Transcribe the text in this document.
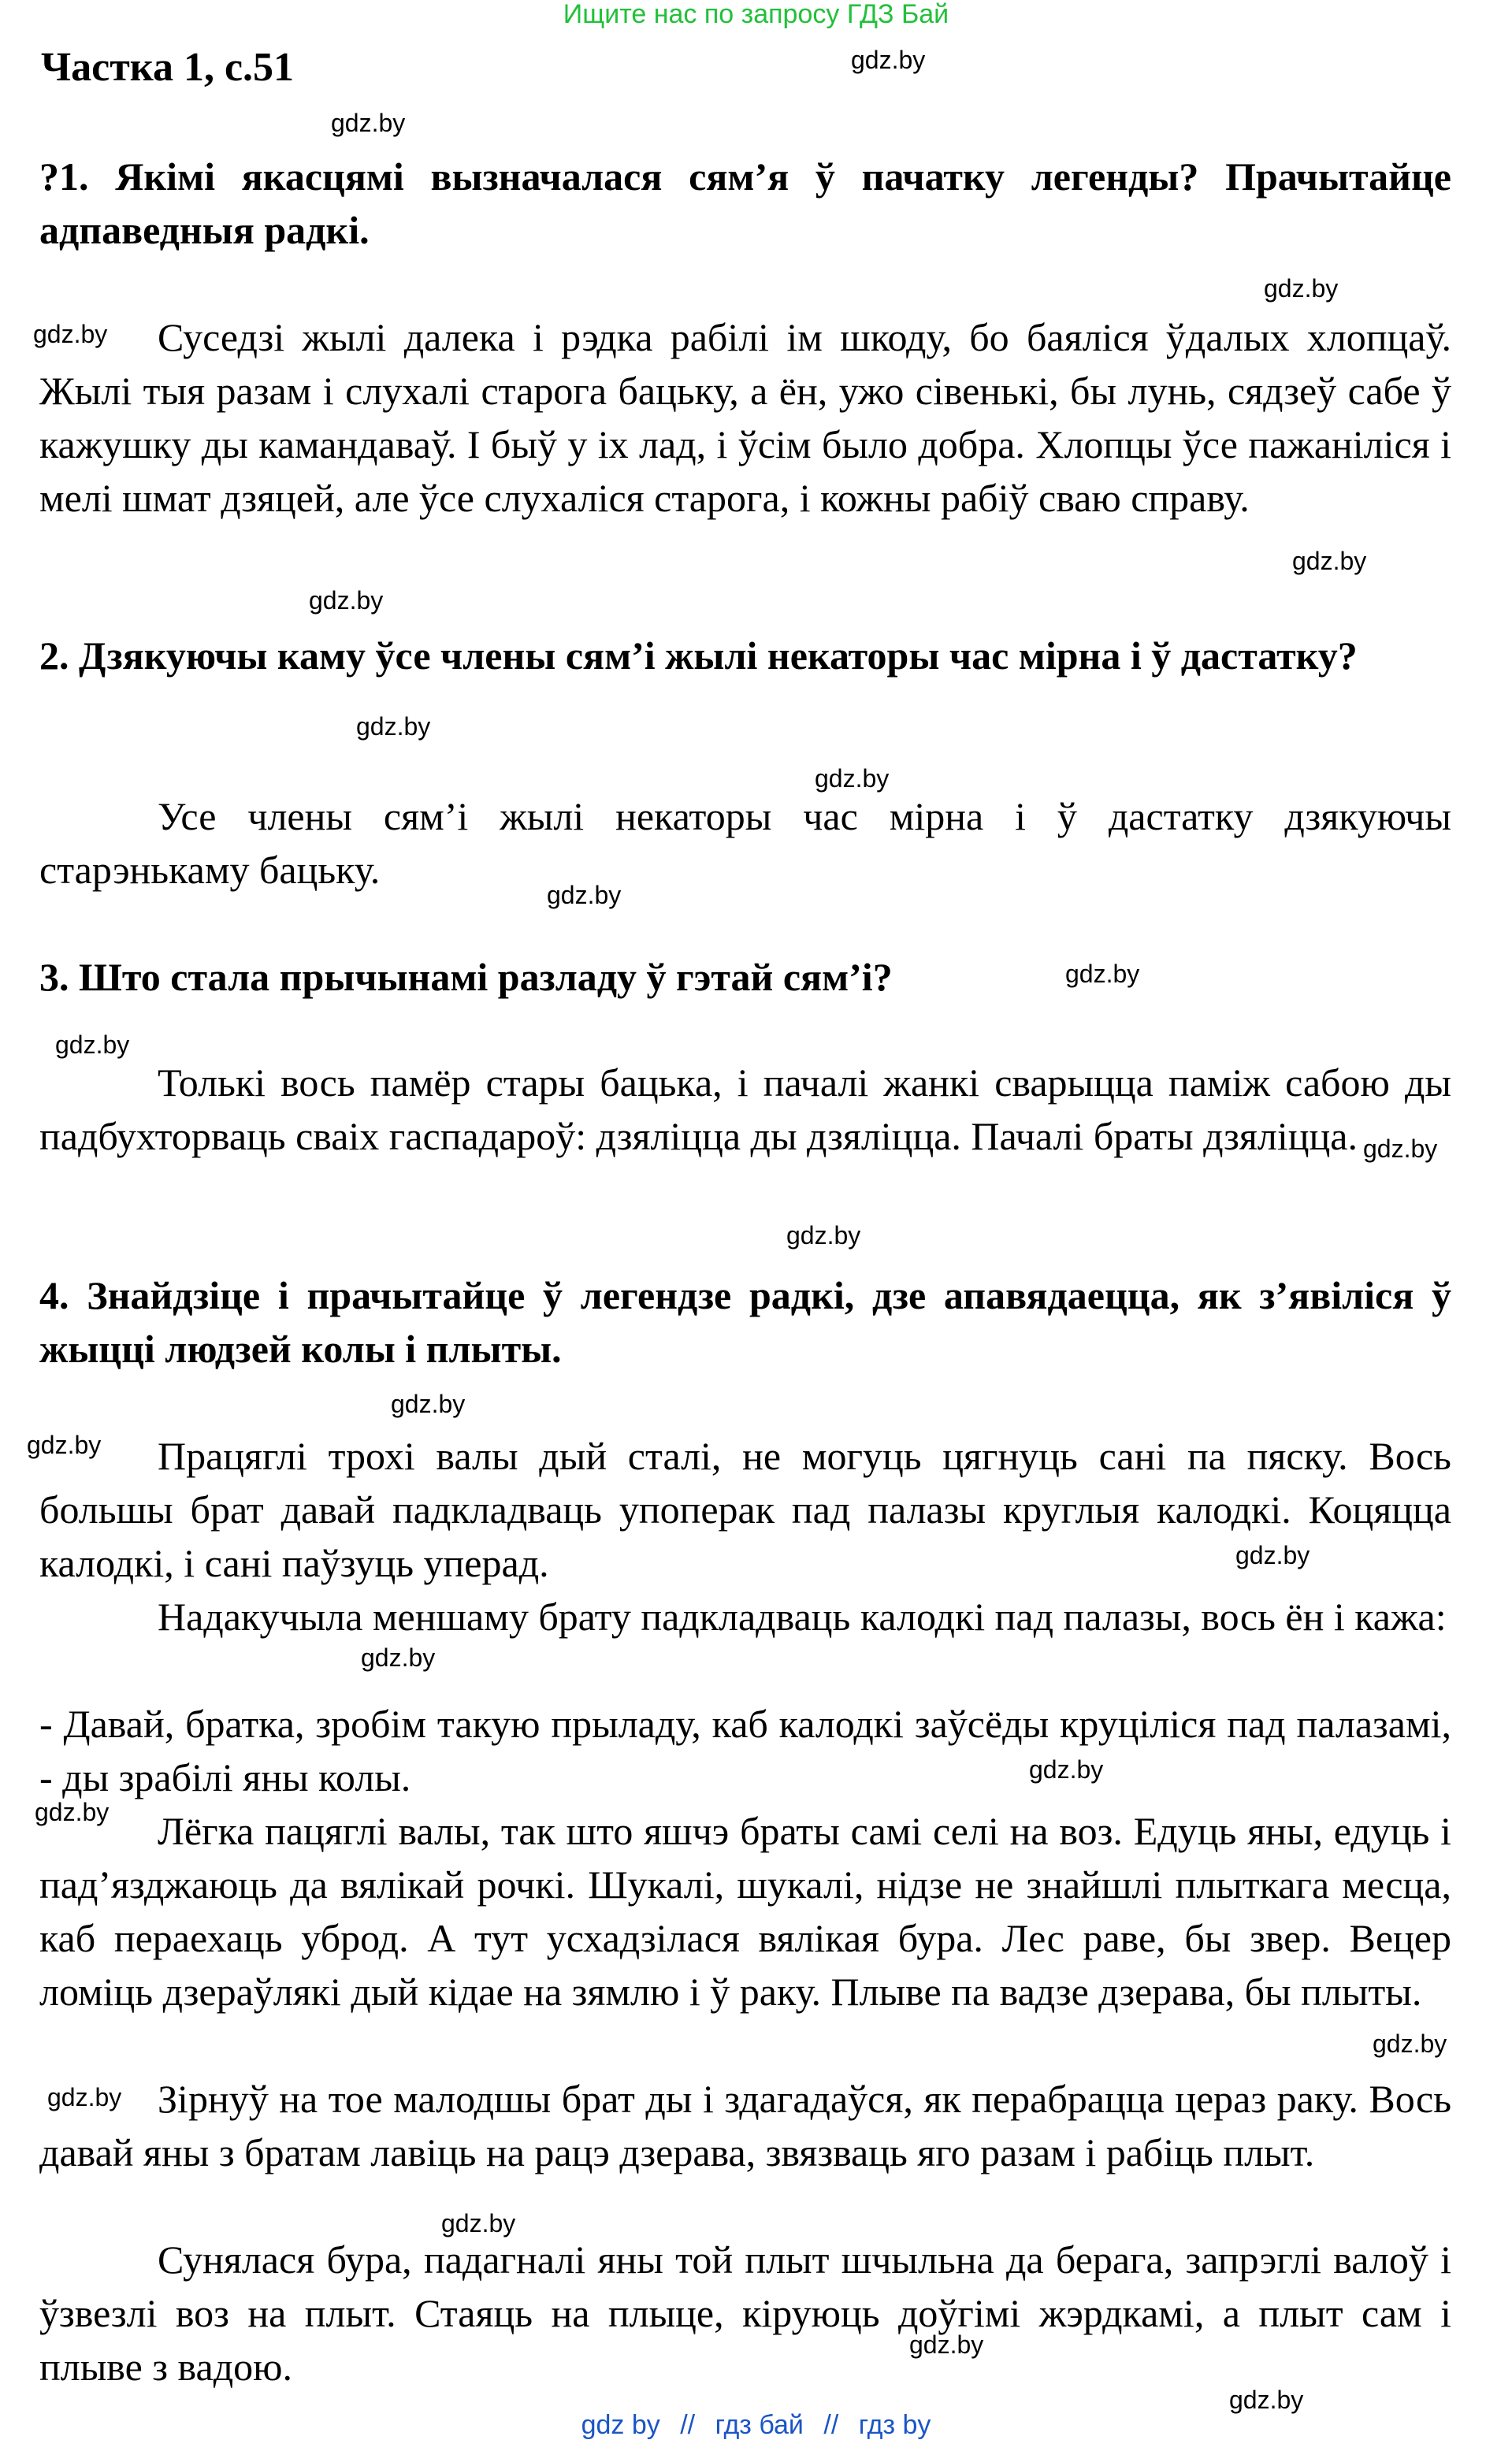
Ищите нас по запросу ГДЗ Бай
Частка 1, с.51	gdz.by
gdz.by
gdz.by
gdz.by
gdz.by
gdz.by
gdz.by
gdz.by
gdz.by
gdz.by
gdz.by
gdz.by
gdz.by
gdz.by
gdz.by
gdz.by
gdz.by
gdz.by
gdz.by
gdz.by
gdz.by
gdz.by
gdz.by
gdz.by
?1. Якімі якасцямі вызначалася сям’я ў пачатку легенды? Прачытайце адпаведныя радкі.
Суседзі жылі далека і рэдка рабілі ім шкоду, бо баяліся ўдалых хлопцаў. Жылі тыя разам і слухалі старога бацьку, а ён, ужо сівенькі, бы лунь, сядзеў сабе ў кажушку ды камандаваў. І быў у іх лад, і ўсім было добра. Хлопцы ўсе пажаніліся і мелі шмат дзяцей, але ўсе слухаліся старога, і кожны рабіў сваю справу.
2. Дзякуючы каму ўсе члены сям’і жылі некаторы час мірна і ў дастатку?
Усе члены сям’і жылі некаторы час мірна і ў дастатку дзякуючы старэнькаму бацьку.
3. Што стала прычынамі разладу ў гэтай сям’і?
Толькі вось памёр стары бацька, і пачалі жанкі сварыцца паміж сабою ды падбухторваць сваіх гаспадароў: дзяліцца ды дзяліцца. Пачалі браты дзяліцца.
4. Знайдзіце і прачытайце ў легендзе радкі, дзе апавядаецца, як з’явіліся ў жыцці людзей колы і плыты.
Працяглі трохі валы дый сталі, не могуць цягнуць сані па пяску. Вось большы брат давай падкладваць упоперак пад палазы круглыя калодкі. Коцяцца калодкі, і сані паўзуць уперад.
Надакучыла меншаму брату падкладваць калодкі пад палазы, вось ён і кажа:
- Давай, братка, зробім такую прыладу, каб калодкі заўсёды круціліся пад палазамі, - ды зрабілі яны колы.
Лёгка пацяглі валы, так што яшчэ браты самі селі на воз. Едуць яны, едуць і пад’язджаюць да вялікай рочкі. Шукалі, шукалі, нідзе не знайшлі плыткага месца, каб пераехаць уброд. А тут усхадзілася вялікая бура. Лес раве, бы звер. Вецер ломіць дзераўлякі дый кідае на зямлю і ў раку. Плыве па вадзе дзерава, бы плыты.
Зірнуў на тое малодшы брат ды і здагадаўся, як перабрацца цераз раку. Вось давай яны з братам лавіць на рацэ дзерава, звязваць яго разам і рабіць плыт.
Сунялася бура, падагналі яны той плыт шчыльна да берага, запрэглі валоў і ўзвезлі воз на плыт. Стаяць на плыце, кіруюць доўгімі жэрдкамі, а плыт сам і плыве з вадою.
gdz by // гдз бай // гдз by
